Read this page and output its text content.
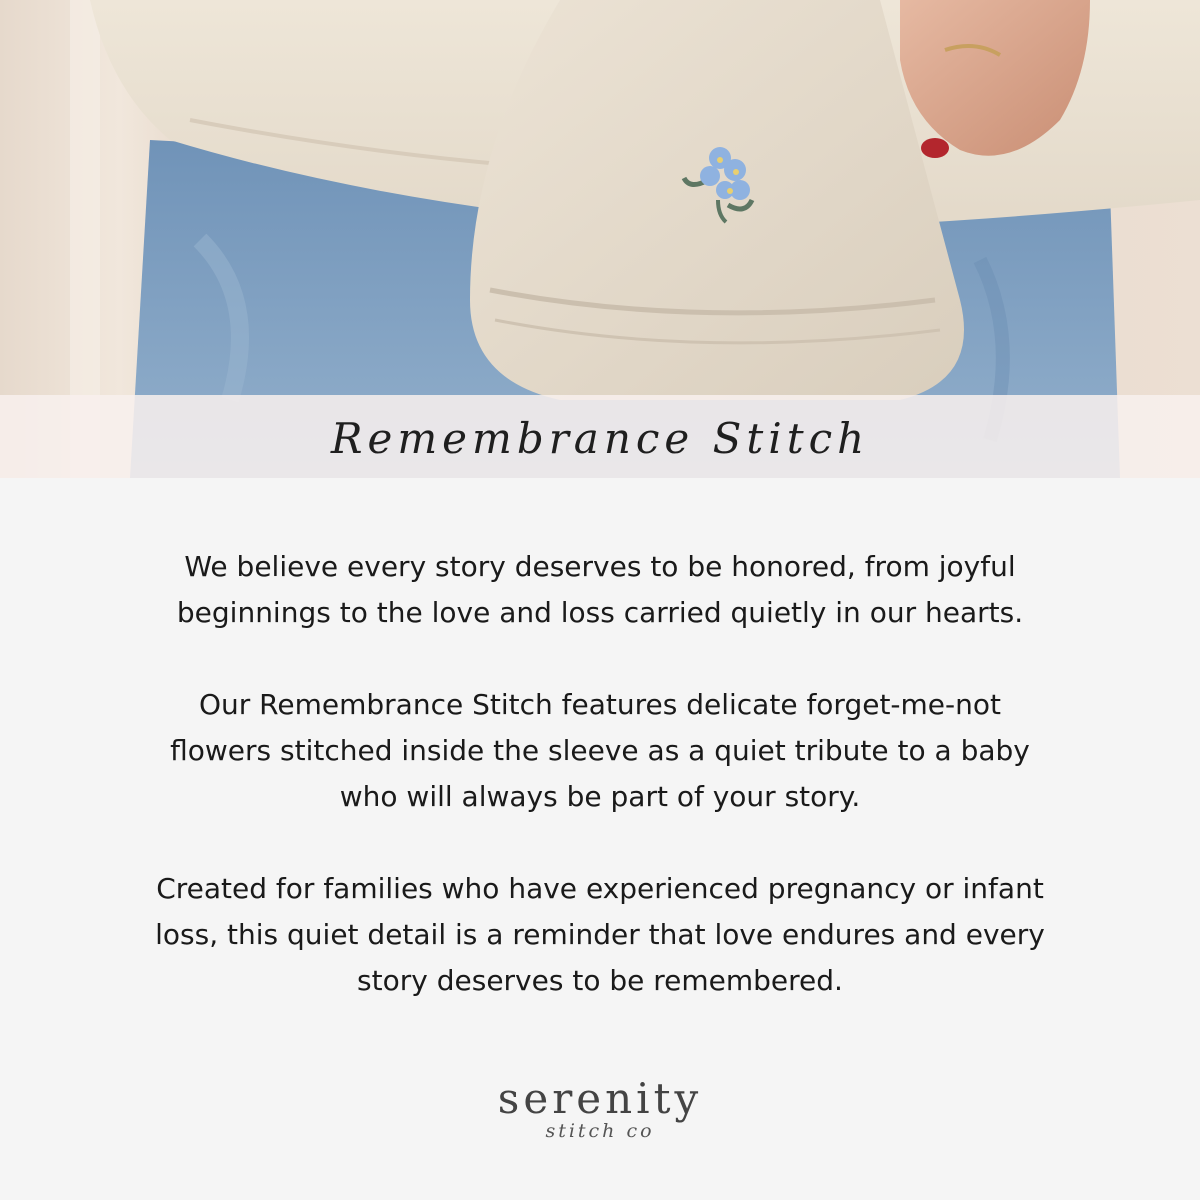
Remembrance Stitch

We believe every story deserves to be honored, from joyful beginnings to the love and loss carried quietly in our hearts.

Our Remembrance Stitch features delicate forget-me-not flowers stitched inside the sleeve as a quiet tribute to a baby who will always be part of your story.

Created for families who have experienced pregnancy or infant loss, this quiet detail is a reminder that love endures and every story deserves to be remembered.

serenity
stitch co
